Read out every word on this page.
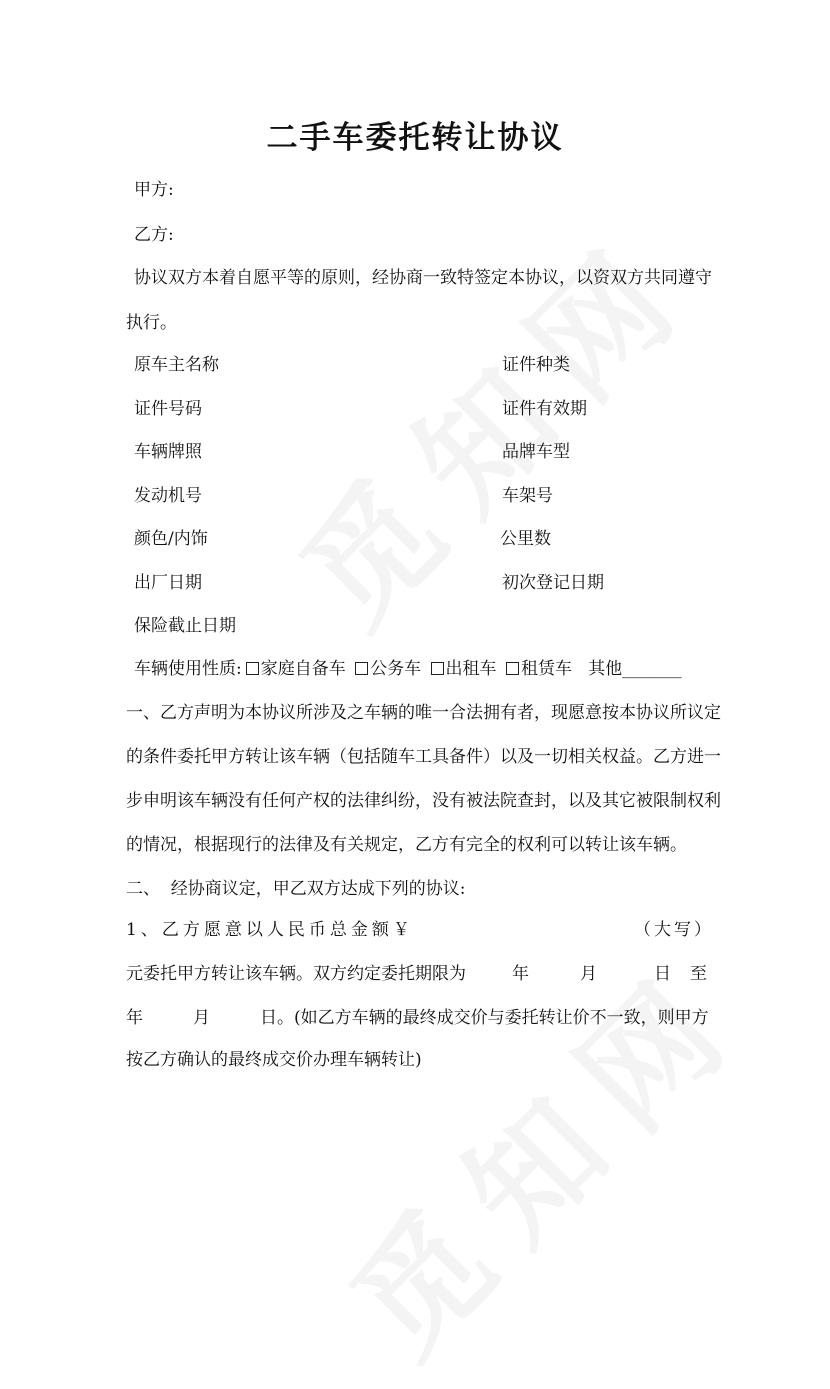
二手车委托转让协议
甲方:
乙方:
协议双方本着自愿平等的原则，经协商一致特签定本协议，以资双方共同遵守
执行。
原车主名称	证件种类
证件号码	证件有效期
车辆牌照	品牌车型
发动机号	车架号
颜色/内饰	公里数
出厂日期	初次登记日期
保险截止日期
车辆使用性质: 家庭自备车 公务车 出租车 租赁车 其他_______
一、乙方声明为本协议所涉及之车辆的唯一合法拥有者，现愿意按本协议所议定
的条件委托甲方转让该车辆（包括随车工具备件）以及一切相关权益。乙方进一
步申明该车辆没有任何产权的法律纠纷，没有被法院查封，以及其它被限制权利
的情况，根据现行的法律及有关规定，乙方有完全的权利可以转让该车辆。
二、  经协商议定，甲乙双方达成下列的协议:
1、乙方愿意以人民币总金额￥	（大写）
元委托甲方转让该车辆。双方约定委托期限为	年	月	日 至
年	月	日 。(如乙方车辆的最终成交价与委托转让价不一致，则甲方
按乙方确认的最终成交价办理车辆转让)
